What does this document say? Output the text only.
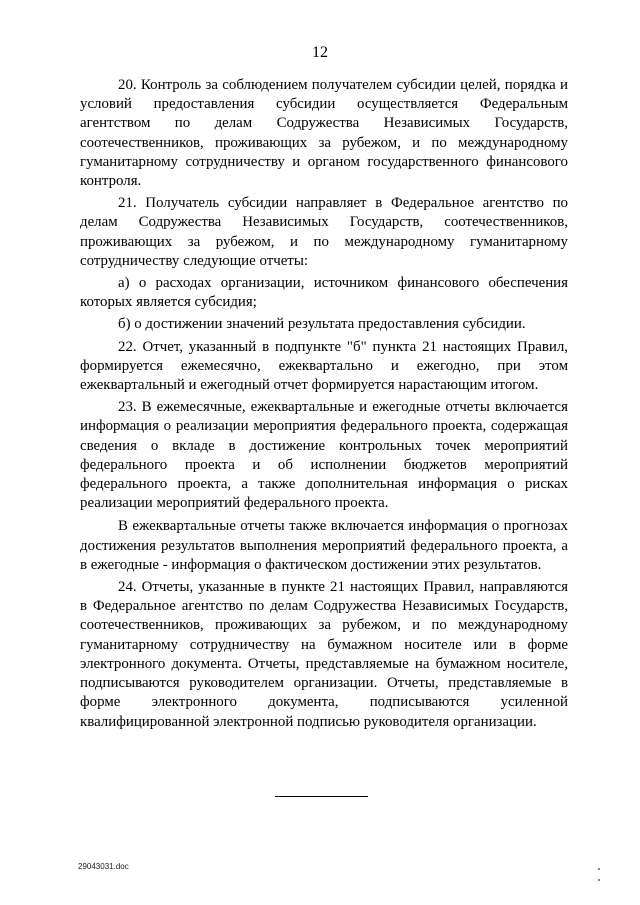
12

20. Контроль за соблюдением получателем субсидии целей, порядка и условий предоставления субсидии осуществляется Федеральным агентством по делам Содружества Независимых Государств, соотечественников, проживающих за рубежом, и по международному гуманитарному сотрудничеству и органом государственного финансового контроля.

21. Получатель субсидии направляет в Федеральное агентство по делам Содружества Независимых Государств, соотечественников, проживающих за рубежом, и по международному гуманитарному сотрудничеству следующие отчеты:

а) о расходах организации, источником финансового обеспечения которых является субсидия;

б) о достижении значений результата предоставления субсидии.

22. Отчет, указанный в подпункте "б" пункта 21 настоящих Правил, формируется ежемесячно, ежеквартально и ежегодно, при этом ежеквартальный и ежегодный отчет формируется нарастающим итогом.

23. В ежемесячные, ежеквартальные и ежегодные отчеты включается информация о реализации мероприятия федерального проекта, содержащая сведения о вкладе в достижение контрольных точек мероприятий федерального проекта и об исполнении бюджетов мероприятий федерального проекта, а также дополнительная информация о рисках реализации мероприятий федерального проекта.

В ежеквартальные отчеты также включается информация о прогнозах достижения результатов выполнения мероприятий федерального проекта, а в ежегодные - информация о фактическом достижении этих результатов.

24. Отчеты, указанные в пункте 21 настоящих Правил, направляются в Федеральное агентство по делам Содружества Независимых Государств, соотечественников, проживающих за рубежом, и по международному гуманитарному сотрудничеству на бумажном носителе или в форме электронного документа. Отчеты, представляемые на бумажном носителе, подписываются руководителем организации. Отчеты, представляемые в форме электронного документа, подписываются усиленной квалифицированной электронной подписью руководителя организации.

29043031.doc
